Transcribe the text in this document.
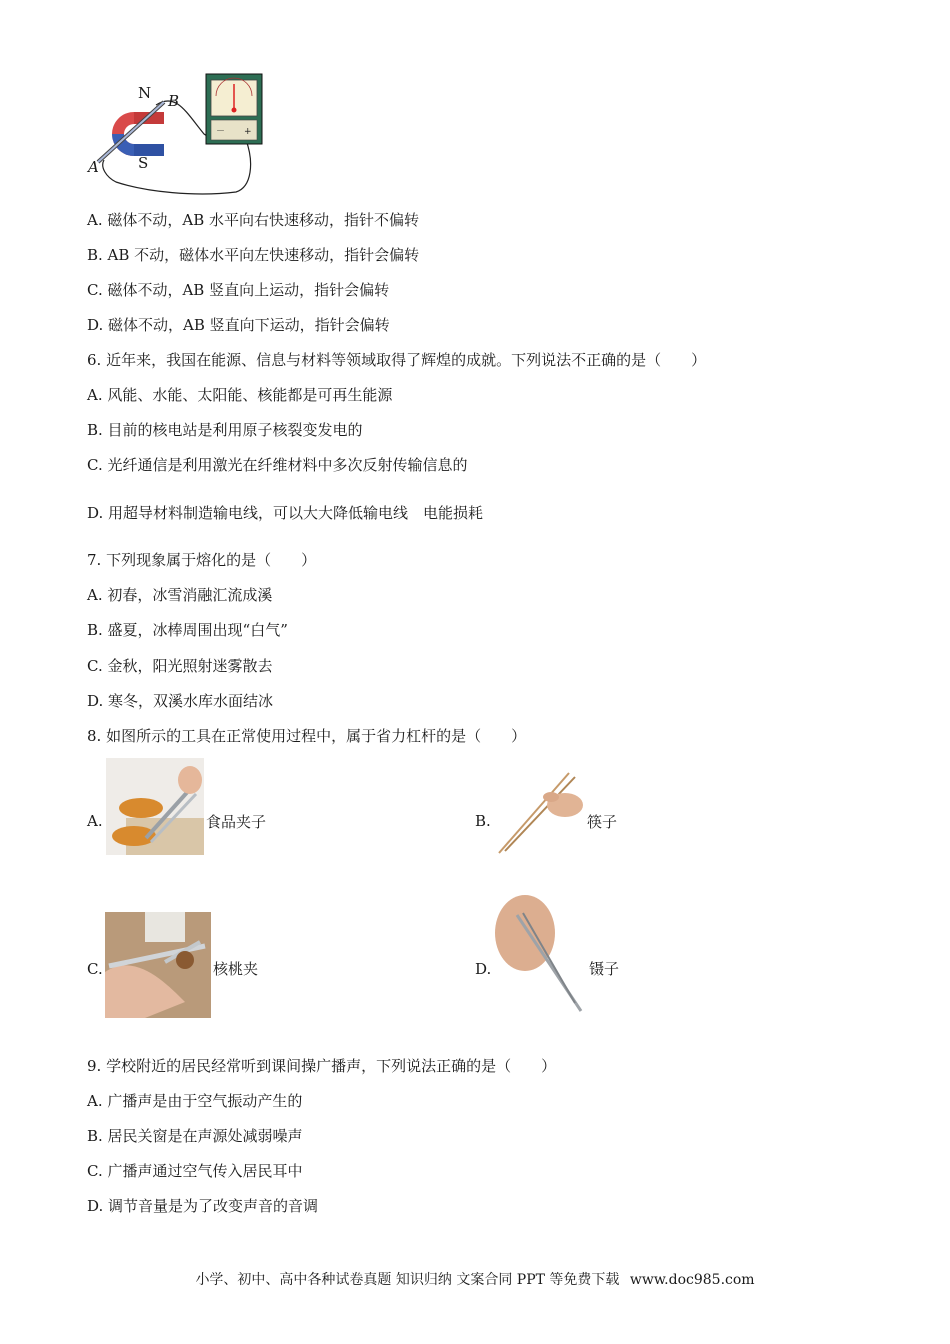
－ +
N B
A	S
A. 磁体不动，AB 水平向右快速移动，指针不偏转
B. AB 不动，磁体水平向左快速移动，指针会偏转
C. 磁体不动，AB 竖直向上运动，指针会偏转
D. 磁体不动，AB 竖直向下运动，指针会偏转
6. 近年来，我国在能源、信息与材料等领域取得了辉煌的成就。下列说法不正确的是（　　）
A. 风能、水能、太阳能、核能都是可再生能源
B. 目前的核电站是利用原子核裂变发电的
C. 光纤通信是利用激光在纤维材料中多次反射传输信息的
D. 用超导材料制造输电线，可以大大降低输电线　电能损耗
7. 下列现象属于熔化的是（　　）
A. 初春，冰雪消融汇流成溪
B. 盛夏，冰棒周围出现“白气”
C. 金秋，阳光照射迷雾散去
D. 寒冬，双溪水库水面结冰
8. 如图所示的工具在正常使用过程中，属于省力杠杆的是（　　）
A.	食品夹子	B.	筷子
C.	核桃夹	D.	镊子
9. 学校附近的居民经常听到课间操广播声，下列说法正确的是（　　）
A. 广播声是由于空气振动产生的
B. 居民关窗是在声源处减弱噪声
C. 广播声通过空气传入居民耳中
D. 调节音量是为了改变声音的音调
小学、初中、高中各种试卷真题 知识归纳 文案合同 PPT 等免费下载 www.doc985.com
